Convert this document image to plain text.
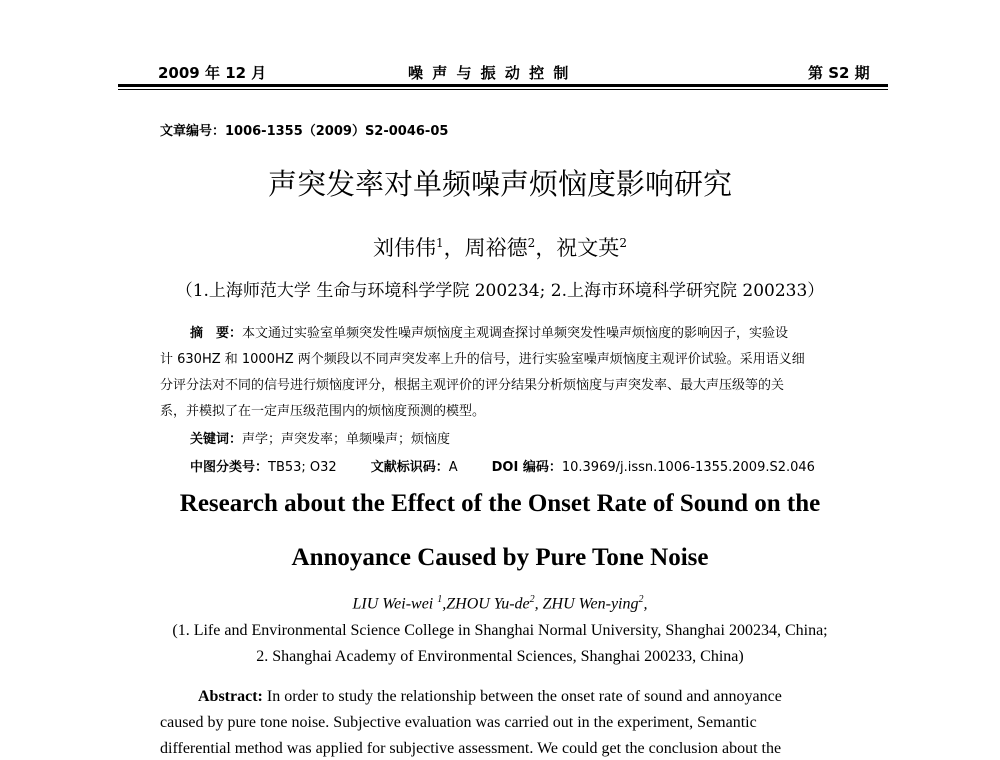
2009 年 12 月	噪 声 与 振 动 控 制	第 S2 期
文章编号：1006-1355（2009）S2-0046-05
声突发率对单频噪声烦恼度影响研究
刘伟伟$^1$，周裕德$^2$，祝文英$^2$
（1.上海师范大学 生命与环境科学学院 200234; 2.上海市环境科学研究院 200233）
摘　要：本文通过实验室单频突发性噪声烦恼度主观调查探讨单频突发性噪声烦恼度的影响因子，实验设
计 630HZ 和 1000HZ 两个频段以不同声突发率上升的信号，进行实验室噪声烦恼度主观评价试验。采用语义细
分评分法对不同的信号进行烦恼度评分，根据主观评价的评分结果分析烦恼度与声突发率、最大声压级等的关
系，并模拟了在一定声压级范围内的烦恼度预测的模型。
关键词：声学；声突发率；单频噪声；烦恼度
中图分类号：TB53; O32	文献标识码：A	DOI 编码：10.3969/j.issn.1006-1355.2009.S2.046
Research about the Effect of the Onset Rate of Sound on the
Annoyance Caused by Pure Tone Noise
LIU Wei-wei $^1$,ZHOU $Yu-de^2$, ZHU Wen-ying$^2$,
(1. Life and Environmental Science College in Shanghai Normal University, Shanghai 200234, China;
2. Shanghai Academy of Environmental Sciences, Shanghai 200233, China)
Abstract: In order to study the relationship between the onset rate of sound and annoyance
caused by pure tone noise. Subjective evaluation was carried out in the experiment, Semantic
differential method was applied for subjective assessment. We could get the conclusion about the
